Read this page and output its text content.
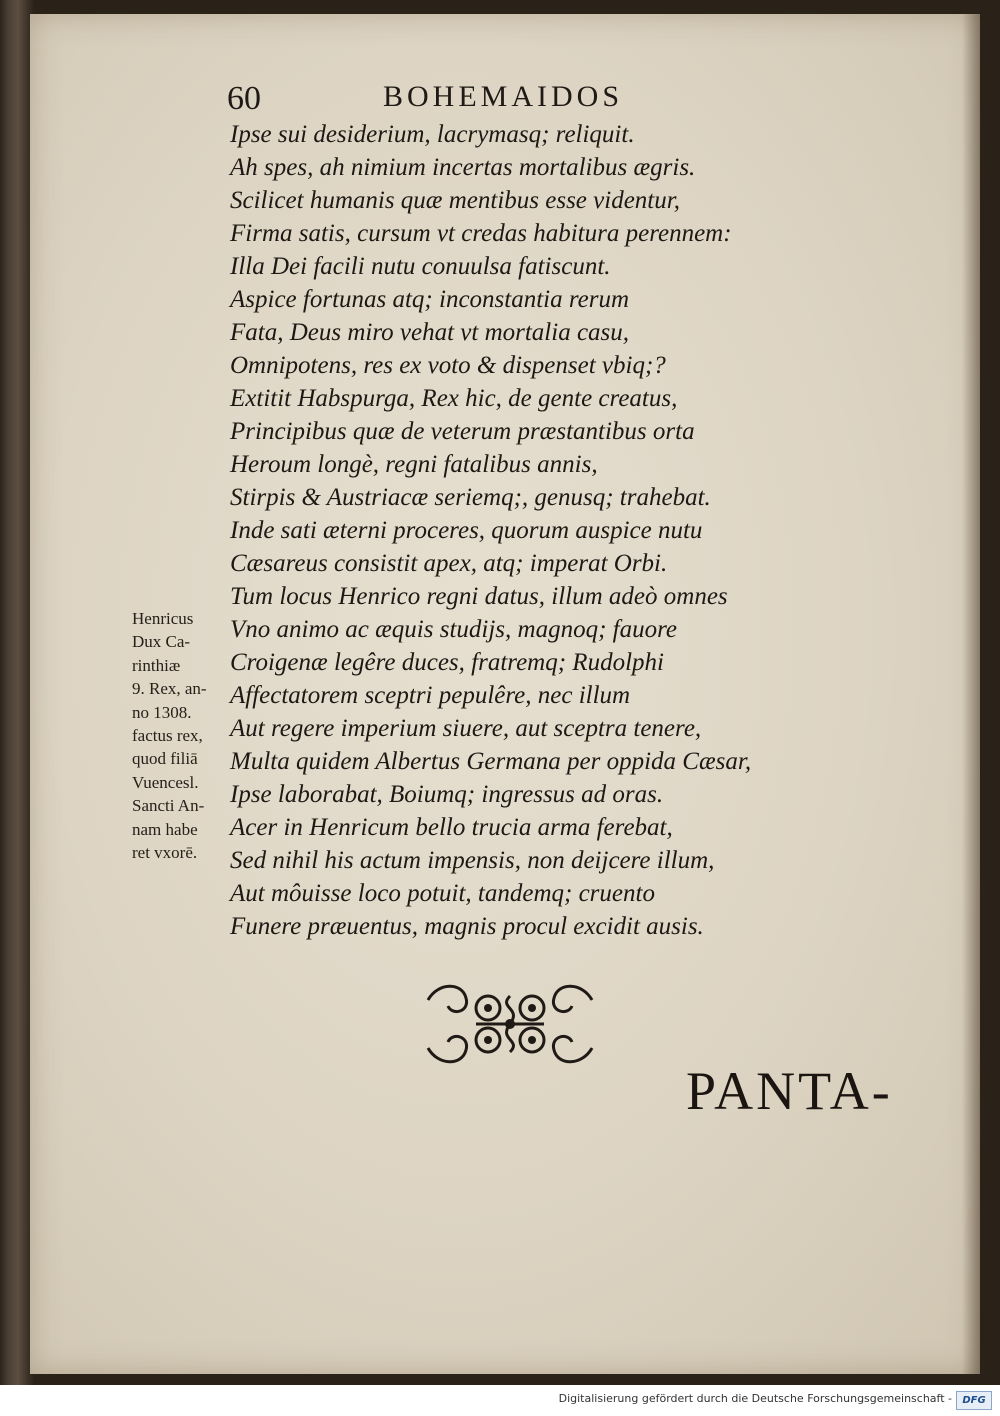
60	BOHEMAIDOS
Ipse sui desiderium, lacrymasq; reliquit.
Ah spes, ah nimium incertas mortalibus ægris.
Scilicet humanis quæ mentibus esse videntur,
Firma satis, cursum vt credas habitura perennem:
Illa Dei facili nutu conuulsa fatiscunt.
Aspice fortunas atq; inconstantia rerum
Fata, Deus miro vehat vt mortalia casu,
Omnipotens, res ex voto & dispenset vbiq;?
Extitit Habspurga, Rex hic, de gente creatus,
Principibus quæ de veterum præstantibus orta
Heroum longè, regni fatalibus annis,
Stirpis & Austriacæ seriemq;, genusq; trahebat.
Inde sati æterni proceres, quorum auspice nutu
Cæsareus consistit apex, atq; imperat Orbi.
Tum locus Henrico regni datus, illum adeò omnes
Vno animo ac æquis studijs, magnoq; fauore
Croigenæ legêre duces, fratremq; Rudolphi
Affectatorem sceptri pepulêre, nec illum
Aut regere imperium siuere, aut sceptra tenere,
Multa quidem Albertus Germana per oppida Cæsar,
Ipse laborabat, Boiumq; ingressus ad oras.
Acer in Henricum bello trucia arma ferebat,
Sed nihil his actum impensis, non deijcere illum,
Aut môuisse loco potuit, tandemq; cruento
Funere præuentus, magnis procul excidit ausis.
Henricus
Dux Ca-
rinthiæ
9. Rex, an-
no 1308.
factus rex,
quod filiā
Vuencesl.
Sancti An-
nam habe
ret vxorē.
PANTA-
Digitalisierung gefördert durch die Deutsche Forschungsgemeinschaft -	DFG
